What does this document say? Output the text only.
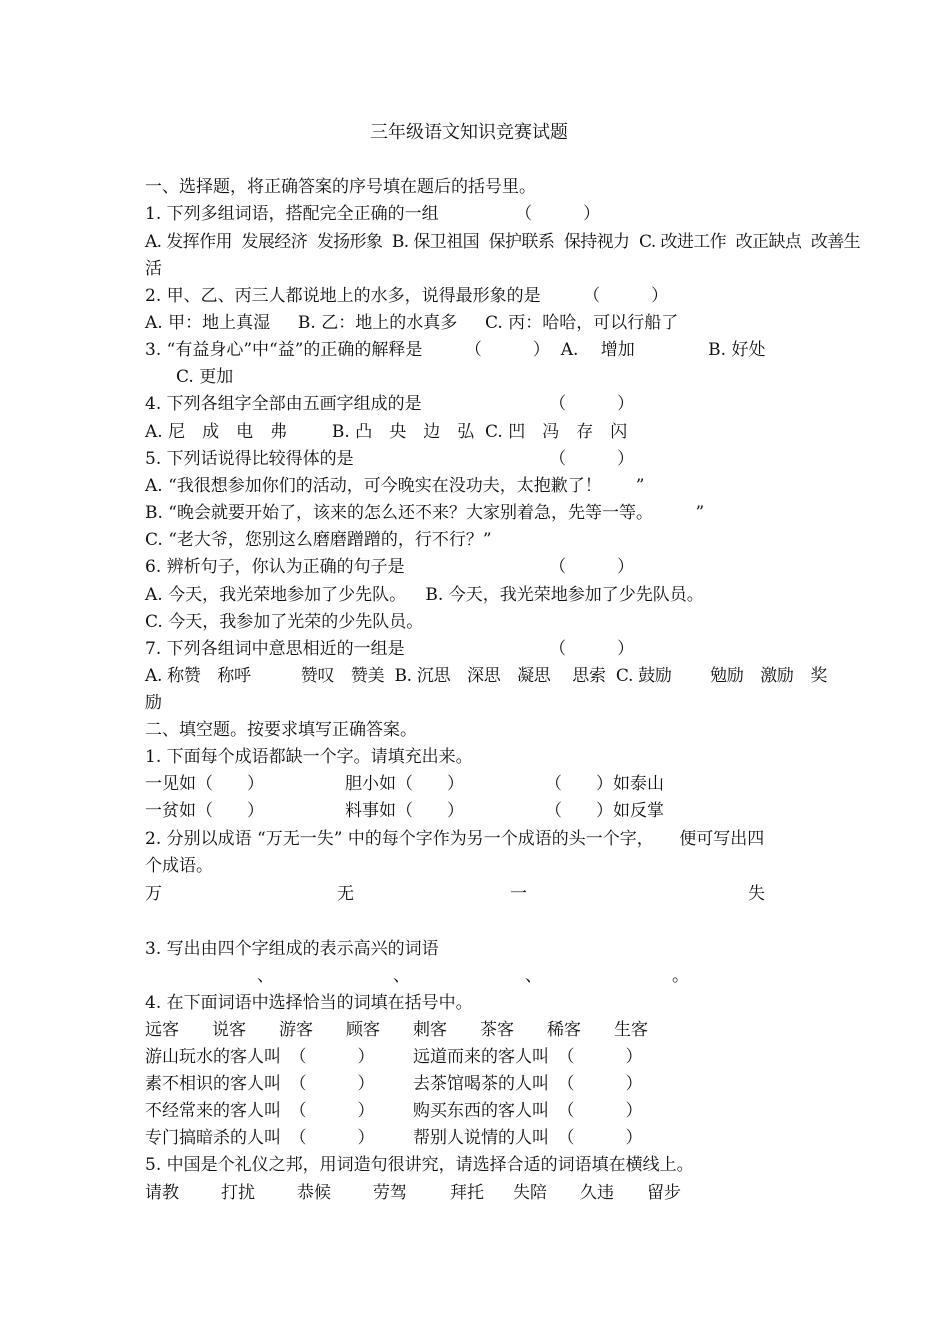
三年级语文知识竞赛试题
一、选择题，将正确答案的序号填在题后的括号里。
1. 下列多组词语，搭配完全正确的一组　　　　　（　　　）
A. 发挥作用  发展经济  发扬形象  B. 保卫祖国  保护联系  保持视力  C. 改进工作  改正缺点  改善生
活
2. 甲、乙、丙三人都说地上的水多，说得最形象的是　　　（　　　）
A. 甲：地上真湿　  B. 乙：地上的水真多　  C. 丙：哈哈，可以行船了
3. “有益身心”中“益”的正确的解释是　　　（　　　）  A.　 增加　　　　 B. 好处
C. 更加
4. 下列各组字全部由五画字组成的是　　　　　　　　（　　　）
A. 尼　成　电　弗　　  B. 凸　央　边　弘  C. 凹　冯　存　闪
5. 下列话说得比较得体的是　　　　　　　　　　　　（　　　）
A. “我很想参加你们的活动，可今晚实在没功夫，太抱歉了！　　”
B. “晚会就要开始了，该来的怎么还不来？大家别着急，先等一等。　　　”
C. “老大爷，您别这么磨磨蹭蹭的，行不行？”
6. 辨析句子，你认为正确的句子是　　　　　　　　　（　　　）
A. 今天，我光荣地参加了少先队。　  B. 今天，我光荣地参加了少先队员。
C. 今天，我参加了光荣的少先队员。
7. 下列各组词中意思相近的一组是　　　　　　　　　（　　　）
A. 称赞　称呼　　　赞叹　赞美  B. 沉思　深思　凝思　 思索  C. 鼓励　　 勉励　激励　奖
励
二、填空题。按要求填写正确答案。
1. 下面每个成语都缺一个字。请填充出来。
一见如（　　）	胆小如（　　）	（　　）如泰山
一贫如（　　）	料事如（　　）	（　　）如反掌
2. 分别以成语 “万无一失” 中的每个字作为另一个成语的头一个字，　　便可写出四
个成语。
万	无	一	失
3. 写出由四个字组成的表示高兴的词语
、	、	、	。
4. 在下面词语中选择恰当的词填在括号中。
远客 说客 游客 顾客 刺客 茶客 稀客 生客
游山玩水的客人叫　（　　　） 远道而来的客人叫　（　　　）
素不相识的客人叫　（　　　） 去茶馆喝茶的人叫　（　　　）
不经常来的客人叫　（　　　） 购买东西的客人叫　（　　　）
专门搞暗杀的人叫　（　　　） 帮别人说情的人叫　（　　　）
5. 中国是个礼仪之邦，用词造句很讲究，请选择合适的词语填在横线上。
请教 打扰 恭候 劳驾	拜托 失陪 久违 留步
